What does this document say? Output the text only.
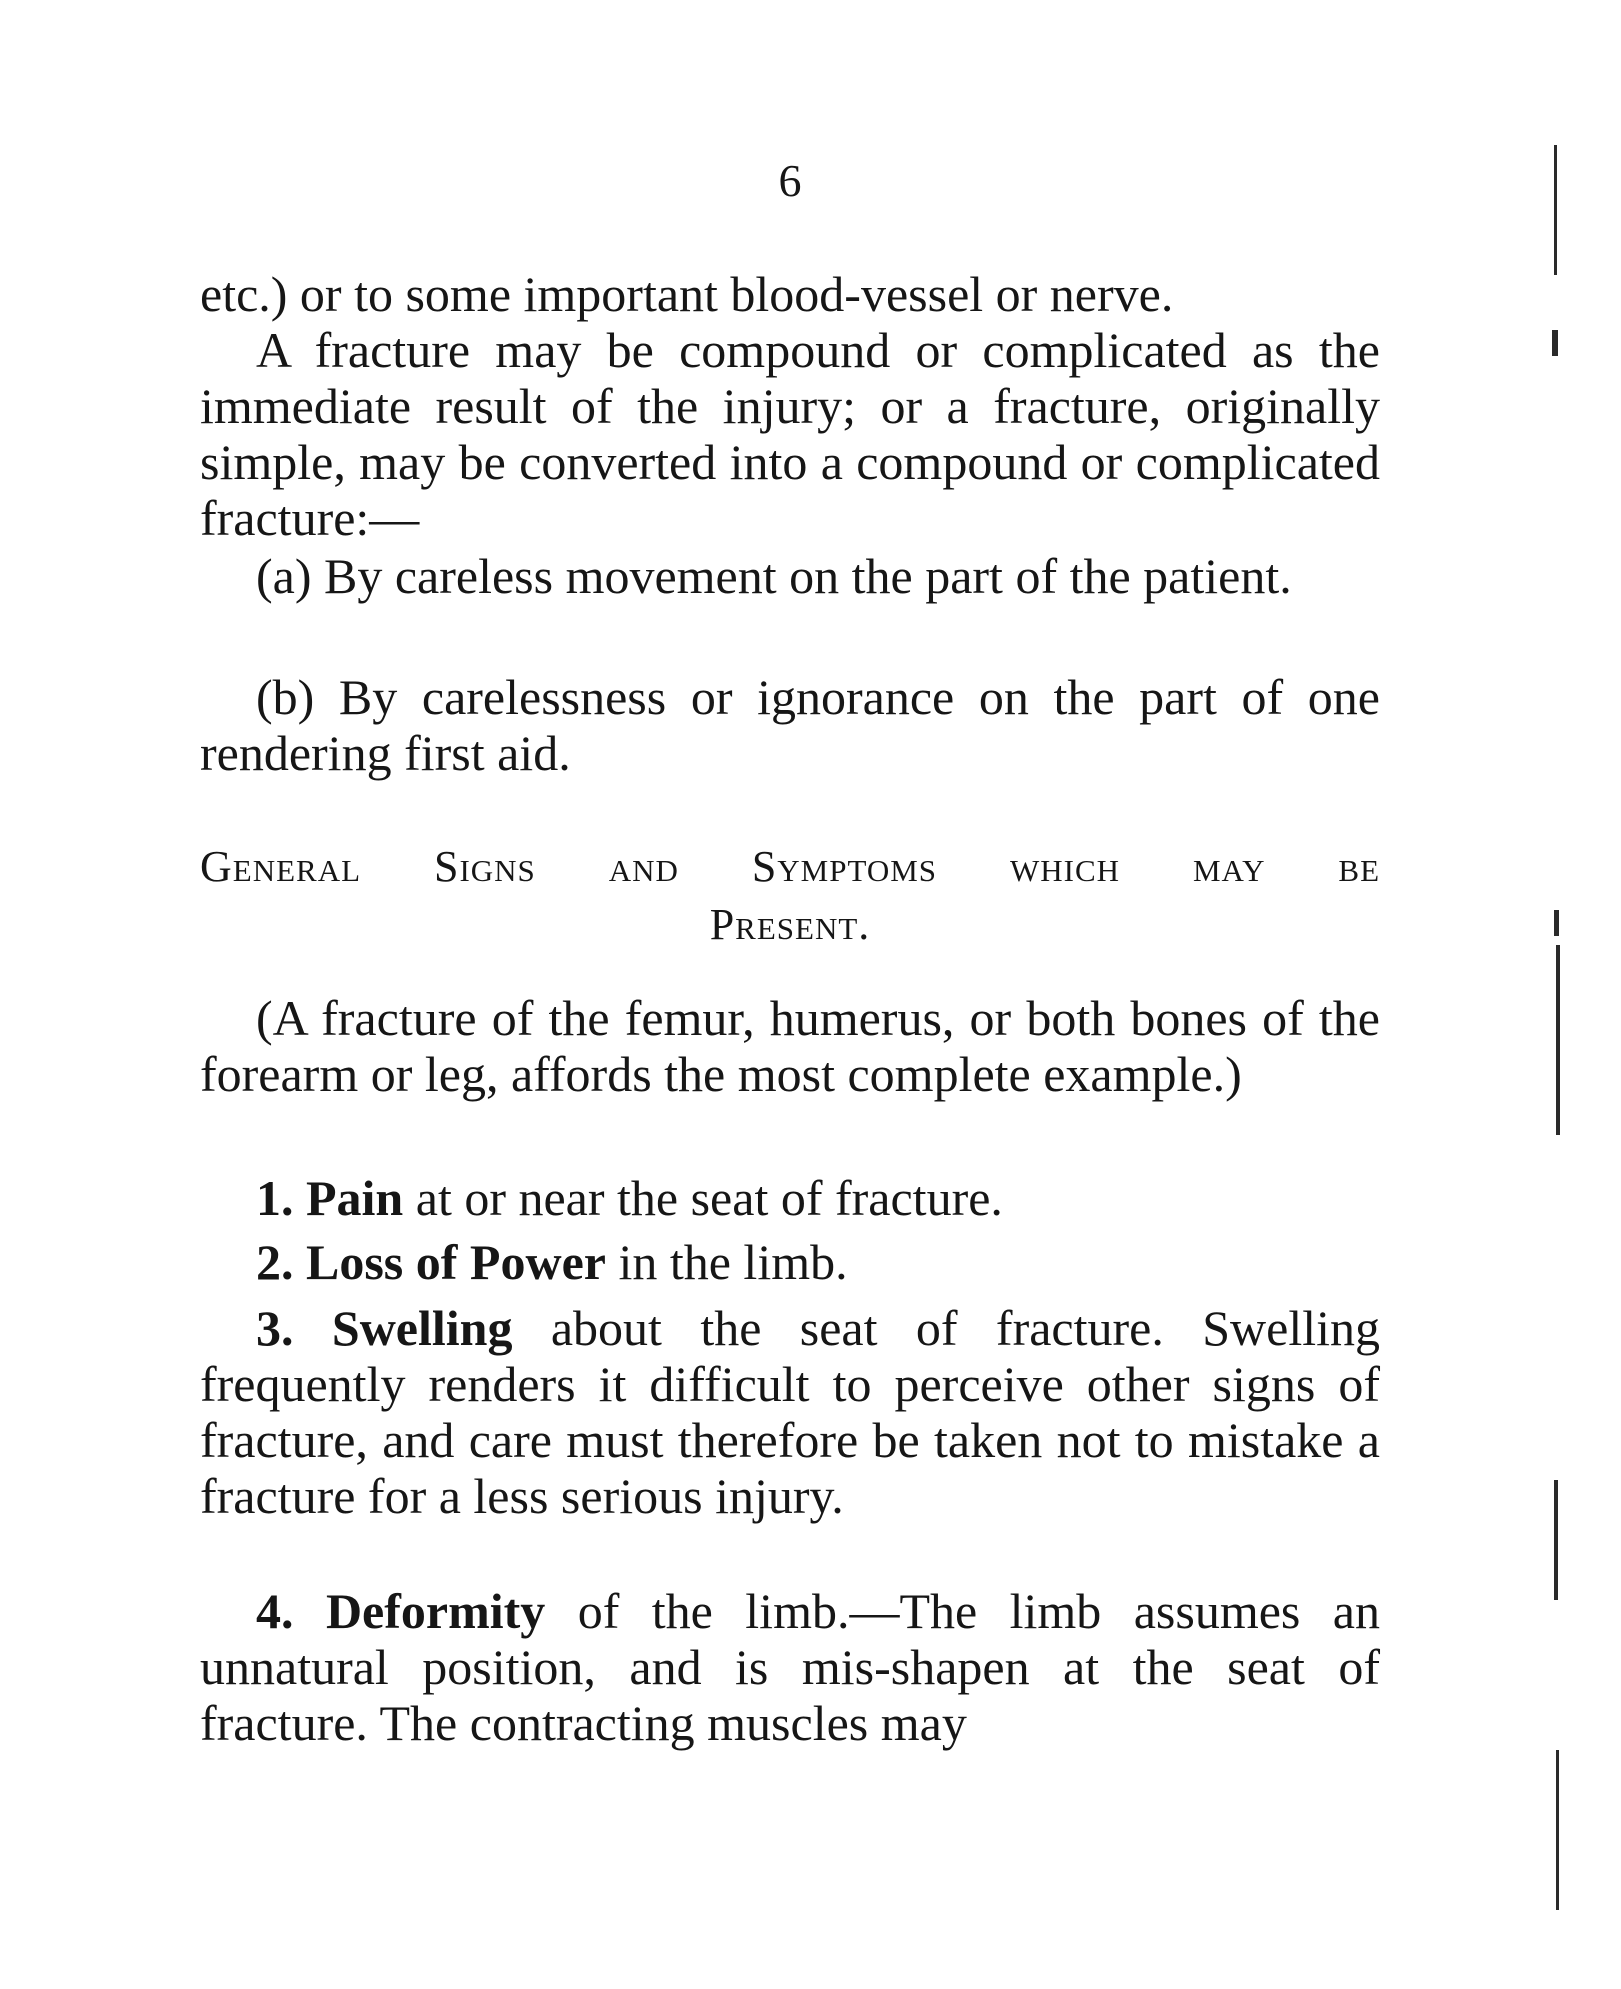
6

etc.) or to some important blood-vessel or nerve.

A fracture may be compound or complicated as the immediate result of the injury; or a fracture, originally simple, may be converted into a compound or complicated fracture:—

(a) By careless movement on the part of the patient.

(b) By carelessness or ignorance on the part of one rendering first aid.

General Signs and Symptoms which may be
Present.

(A fracture of the femur, humerus, or both bones of the forearm or leg, affords the most complete example.)

1. Pain at or near the seat of fracture.
2. Loss of Power in the limb.
3. Swelling about the seat of fracture. Swelling frequently renders it difficult to perceive other signs of fracture, and care must therefore be taken not to mistake a fracture for a less serious injury.
4. Deformity of the limb.—The limb assumes an unnatural position, and is mis-shapen at the seat of fracture. The contracting muscles may
